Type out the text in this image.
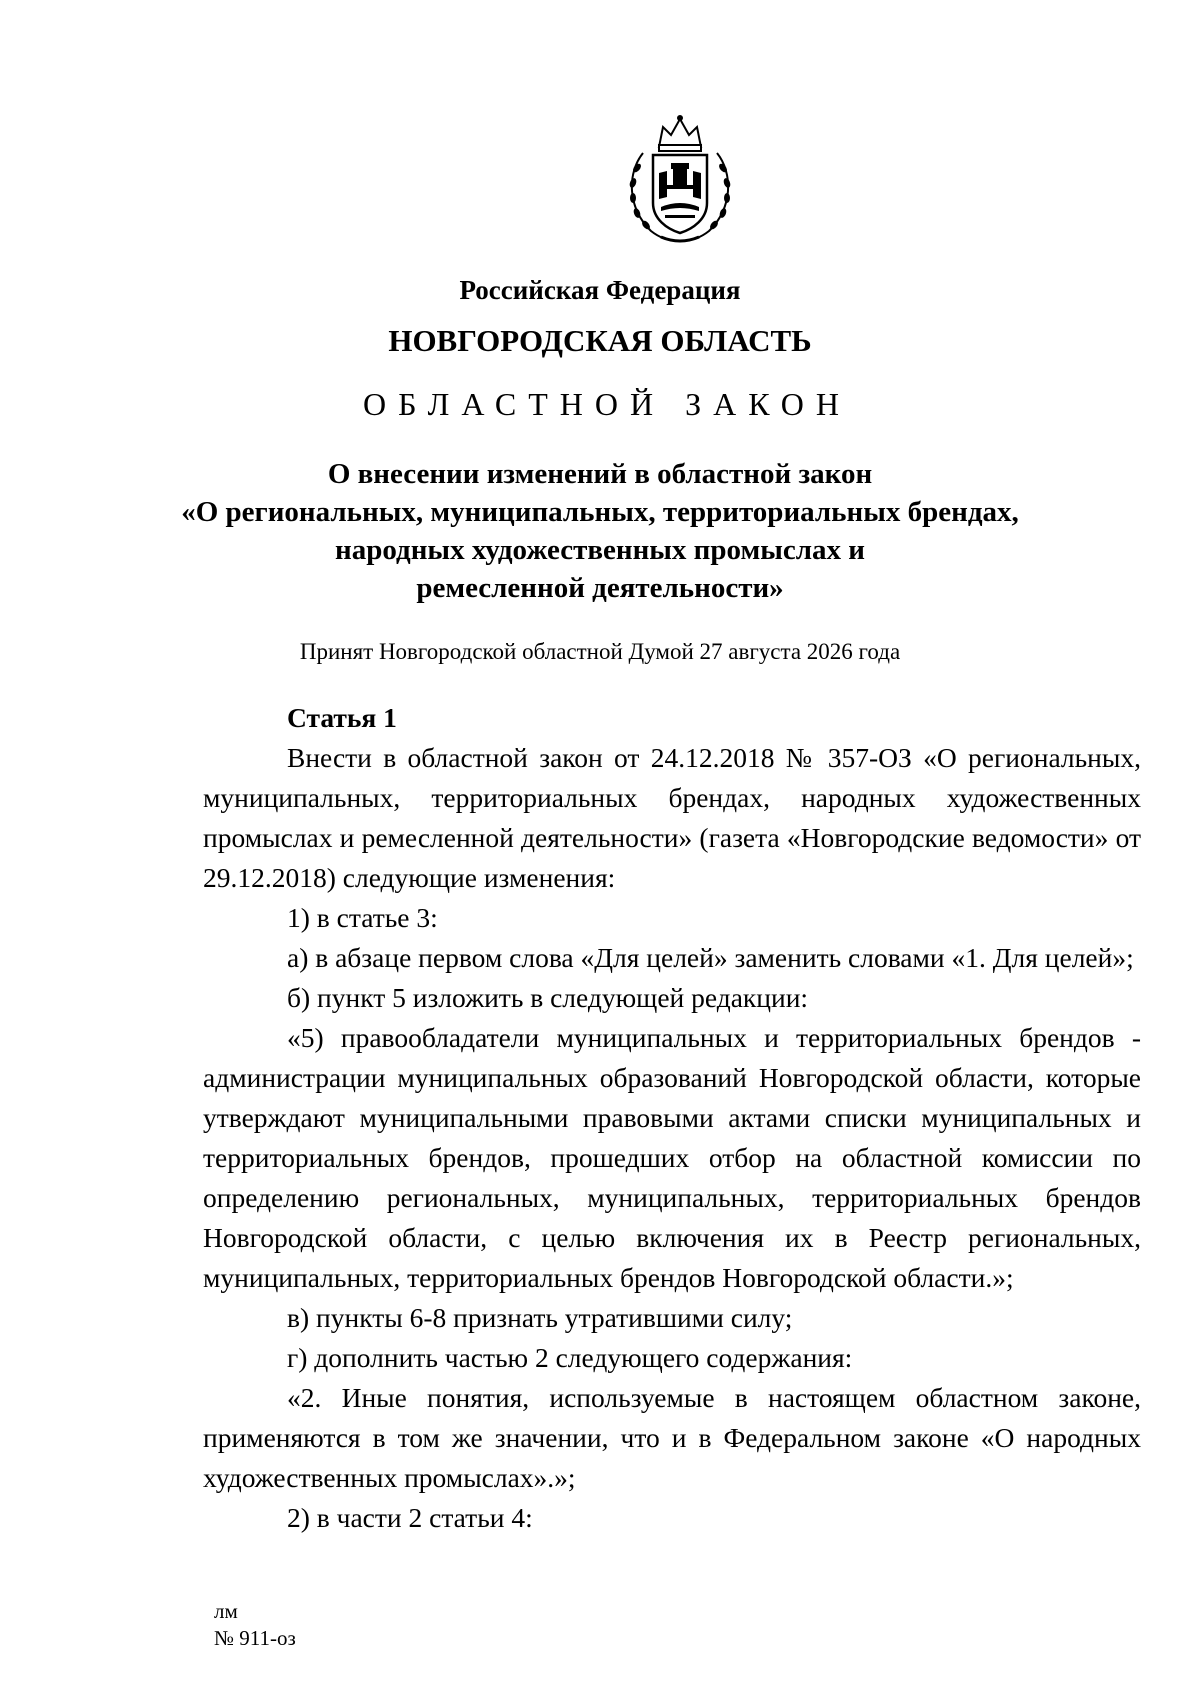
Российская Федерация
НОВГОРОДСКАЯ ОБЛАСТЬ
ОБЛАСТНОЙ ЗАКОН
О внесении изменений в областной закон
«О региональных, муниципальных, территориальных брендах,
народных художественных промыслах и
ремесленной деятельности»
Принят Новгородской областной Думой 27 августа 2026 года
Статья 1

Внести в областной закон от 24.12.2018 № 357-ОЗ «О региональных, муниципальных, территориальных брендах, народных художественных промыслах и ремесленной деятельности» (газета «Новгородские ведомости» от 29.12.2018) следующие изменения:

1) в статье 3:

а) в абзаце первом слова «Для целей» заменить словами «1. Для целей»;

б) пункт 5 изложить в следующей редакции:

«5) правообладатели муниципальных и территориальных брендов - администрации муниципальных образований Новгородской области, которые утверждают муниципальными правовыми актами списки муниципальных и территориальных брендов, прошедших отбор на областной комиссии по определению региональных, муниципальных, территориальных брендов Новгородской области, с целью включения их в Реестр региональных, муниципальных, территориальных брендов Новгородской области.»;

в) пункты 6-8 признать утратившими силу;

г) дополнить частью 2 следующего содержания:

«2. Иные понятия, используемые в настоящем областном законе, применяются в том же значении, что и в Федеральном законе «О народных художественных промыслах».»;

2) в части 2 статьи 4:

лм
№ 911-оз
